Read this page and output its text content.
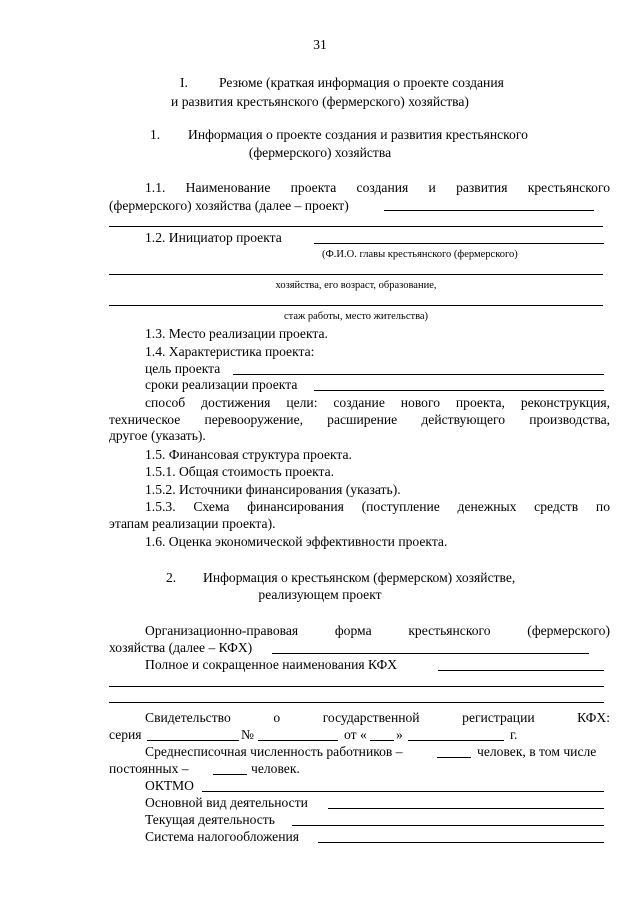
31
I. Резюме (краткая информация о проекте создания
и развития крестьянского (фермерского) хозяйства)
1. Информация о проекте создания и развития крестьянского
(фермерского) хозяйства
1.1. Наименование проекта создания и развития крестьянского
(фермерского) хозяйства (далее – проект)
1.2. Инициатор проекта
(Ф.И.О. главы крестьянского (фермерского)
хозяйства, его возраст, образование,
стаж работы, место жительства)
1.3. Место реализации проекта.
1.4. Характеристика проекта:
цель проекта
сроки реализации проекта
способ достижения цели: создание нового проекта, реконструкция,
техническое перевооружение, расширение действующего производства,
другое (указать).
1.5. Финансовая структура проекта.
1.5.1. Общая стоимость проекта.
1.5.2. Источники финансирования (указать).
1.5.3. Схема финансирования (поступление денежных средств по
этапам реализации проекта).
1.6. Оценка экономической эффективности проекта.
2. Информация о крестьянском (фермерском) хозяйстве,
реализующем проект
Организационно-правовая форма крестьянского (фермерского)
хозяйства (далее – КФХ)
Полное и сокращенное наименования КФХ
Свидетельство о государственной регистрации КФХ:
серия	№	от « »	г.
Среднесписочная численность работников –	человек, в том числе
постоянных –	человек.
ОКТМО
Основной вид деятельности
Текущая деятельность
Система налогообложения
